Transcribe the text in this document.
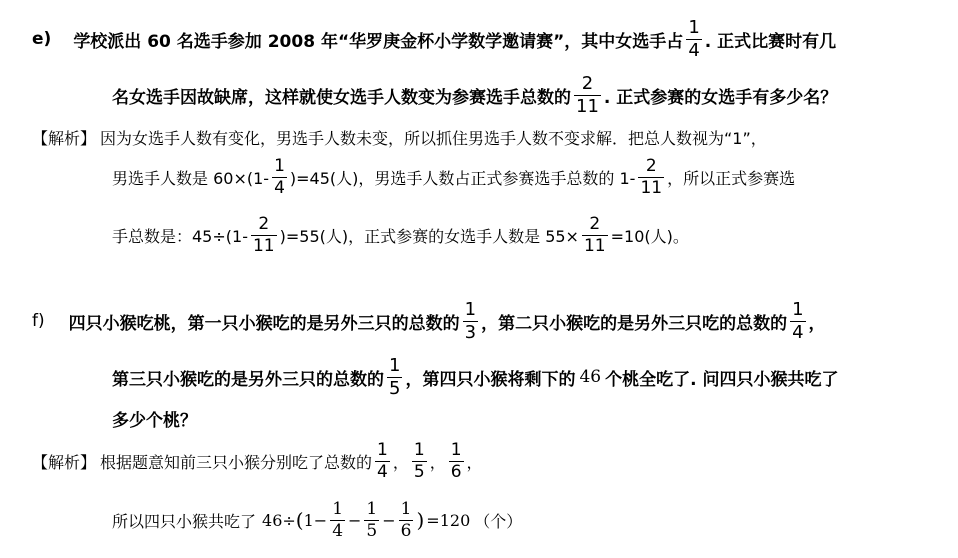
e) 学校派出 60 名选手参加 2008 年“华罗庚金杯小学数学邀请赛”，其中女选手占 $\frac{1}{4}$ . 正式比赛时有几
名女选手因故缺席，这样就使女选手人数变为参赛选手总数的 $\frac{2}{11}$ . 正式参赛的女选手有多少名？
【解析】 因为女选手人数有变化，男选手人数未变，所以抓住男选手人数不变求解．把总人数视为“1”，
男选手人数是 $60\times(1- \frac{1}{4} )=45$(人)，男选手人数占正式参赛选手总数的 $1- \frac{2}{11}$ ，所以正式参赛选
手总数是：$45\div(1- \frac{2}{11} )=55$(人)，正式参赛的女选手人数是 $55\times \frac{2}{11} =10$(人)。
f) 四只小猴吃桃，第一只小猴吃的是另外三只的总数的 $\frac{1}{3}$ ，第二只小猴吃的是另外三只吃的总数的 $\frac{1}{4}$ ，
第三只小猴吃的是另外三只的总数的 $\frac{1}{5}$ ，第四只小猴将剩下的 46 个桃全吃了. 问四只小猴共吃了
多少个桃？
【解析】 根据题意知前三只小猴分别吃了总数的 $\frac{1}{4}$ ， $\frac{1}{5}$ ， $\frac{1}{6}$ ，
所以四只小猴共吃了 46÷ ( $1- \frac{1}{4} - \frac{1}{5} - \frac{1}{6}$ ) =120 （个）
